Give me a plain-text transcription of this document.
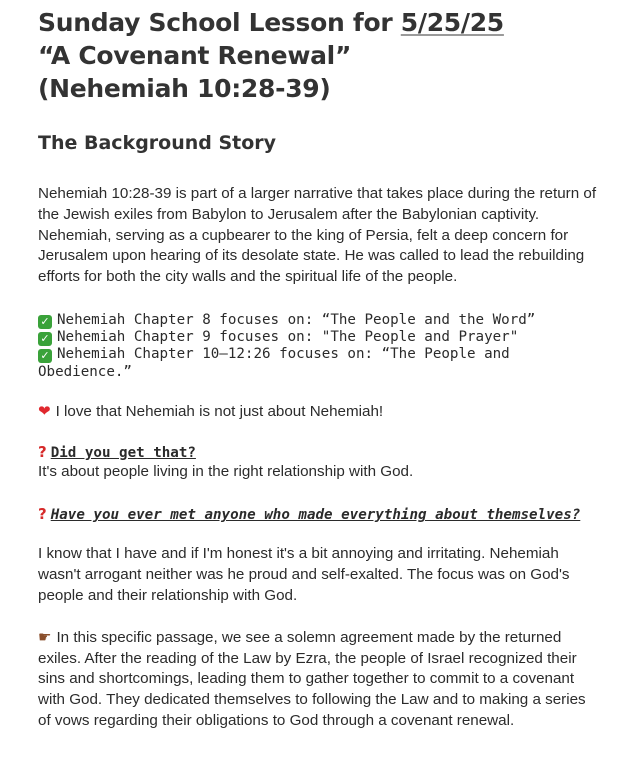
Sunday School Lesson for 5/25/25
“A Covenant Renewal”
(Nehemiah 10:28-39)
The Background Story

Nehemiah 10:28-39 is part of a larger narrative that takes place during the return of the Jewish exiles from Babylon to Jerusalem after the Babylonian captivity. Nehemiah, serving as a cupbearer to the king of Persia, felt a deep concern for Jerusalem upon hearing of its desolate state. He was called to lead the rebuilding efforts for both the city walls and the spiritual life of the people.

✓ Nehemiah Chapter 8 focuses on: “The People and the Word”

✓ Nehemiah Chapter 9 focuses on: "The People and Prayer"

✓ Nehemiah Chapter 10–12:26 focuses on: “The People and Obedience.”

❤ I love that Nehemiah is not just about Nehemiah!

? Did you get that?

It's about people living in the right relationship with God.

? Have you ever met anyone who made everything about themselves?

I know that I have and if I'm honest it's a bit annoying and irritating. Nehemiah wasn't arrogant neither was he proud and self-exalted. The focus was on God's people and their relationship with God.

☛ In this specific passage, we see a solemn agreement made by the returned exiles. After the reading of the Law by Ezra, the people of Israel recognized their sins and shortcomings, leading them to gather together to commit to a covenant with God. They dedicated themselves to following the Law and to making a series of vows regarding their obligations to God through a covenant renewal.
